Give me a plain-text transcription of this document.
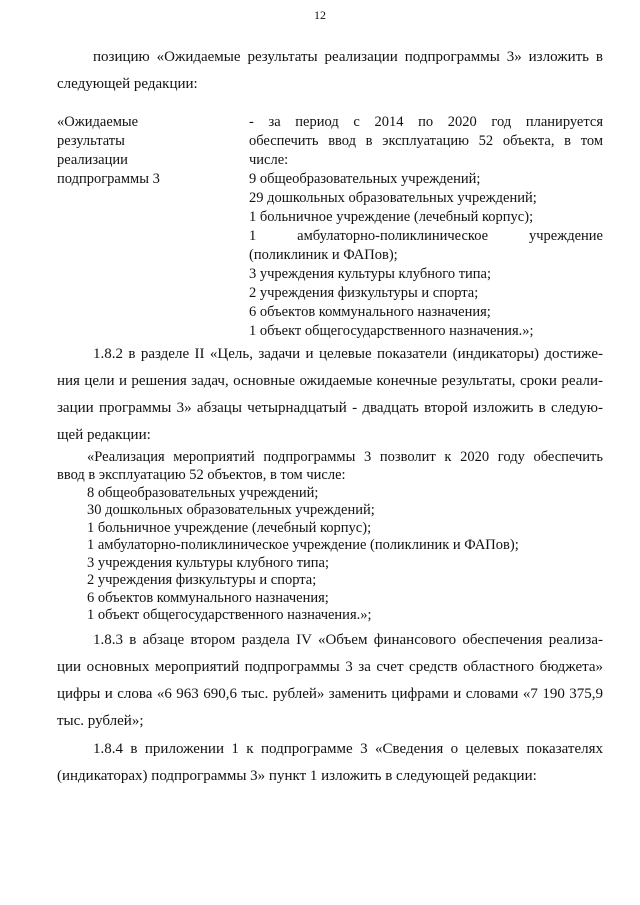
12
позицию «Ожидаемые результаты реализации подпрограммы 3» изложить в
следующей редакции:
«Ожидаемые
результаты
реализации
подпрограммы 3
- за период с 2014 по 2020 год планируется
обеспечить ввод в эксплуатацию 52 объекта, в том
числе:
9 общеобразовательных учреждений;
29 дошкольных образовательных учреждений;
1 больничное учреждение (лечебный корпус);
1 амбулаторно-поликлиническое учреждение
(поликлиник и ФАПов);
3 учреждения культуры клубного типа;
2 учреждения физкультуры и спорта;
6 объектов коммунального назначения;
1 объект общегосударственного назначения.»;
1.8.2 в разделе II «Цель, задачи и целевые показатели (индикаторы) достиже-
ния цели и решения задач, основные ожидаемые конечные результаты, сроки реали-
зации программы 3» абзацы четырнадцатый - двадцать второй изложить в следую-
щей редакции:
«Реализация мероприятий подпрограммы 3 позволит к 2020 году обеспечить
ввод в эксплуатацию 52 объектов, в том числе:
8 общеобразовательных учреждений;
30 дошкольных образовательных учреждений;
1 больничное учреждение (лечебный корпус);
1 амбулаторно-поликлиническое учреждение (поликлиник и ФАПов);
3 учреждения культуры клубного типа;
2 учреждения физкультуры и спорта;
6 объектов коммунального назначения;
1 объект общегосударственного назначения.»;
1.8.3 в абзаце втором раздела IV «Объем финансового обеспечения реализа-
ции основных мероприятий подпрограммы 3 за счет средств областного бюджета»
цифры и слова «6 963 690,6 тыс. рублей» заменить цифрами и словами «7 190 375,9
тыс. рублей»;
1.8.4 в приложении 1 к подпрограмме 3 «Сведения о целевых показателях
(индикаторах) подпрограммы 3» пункт 1 изложить в следующей редакции:
